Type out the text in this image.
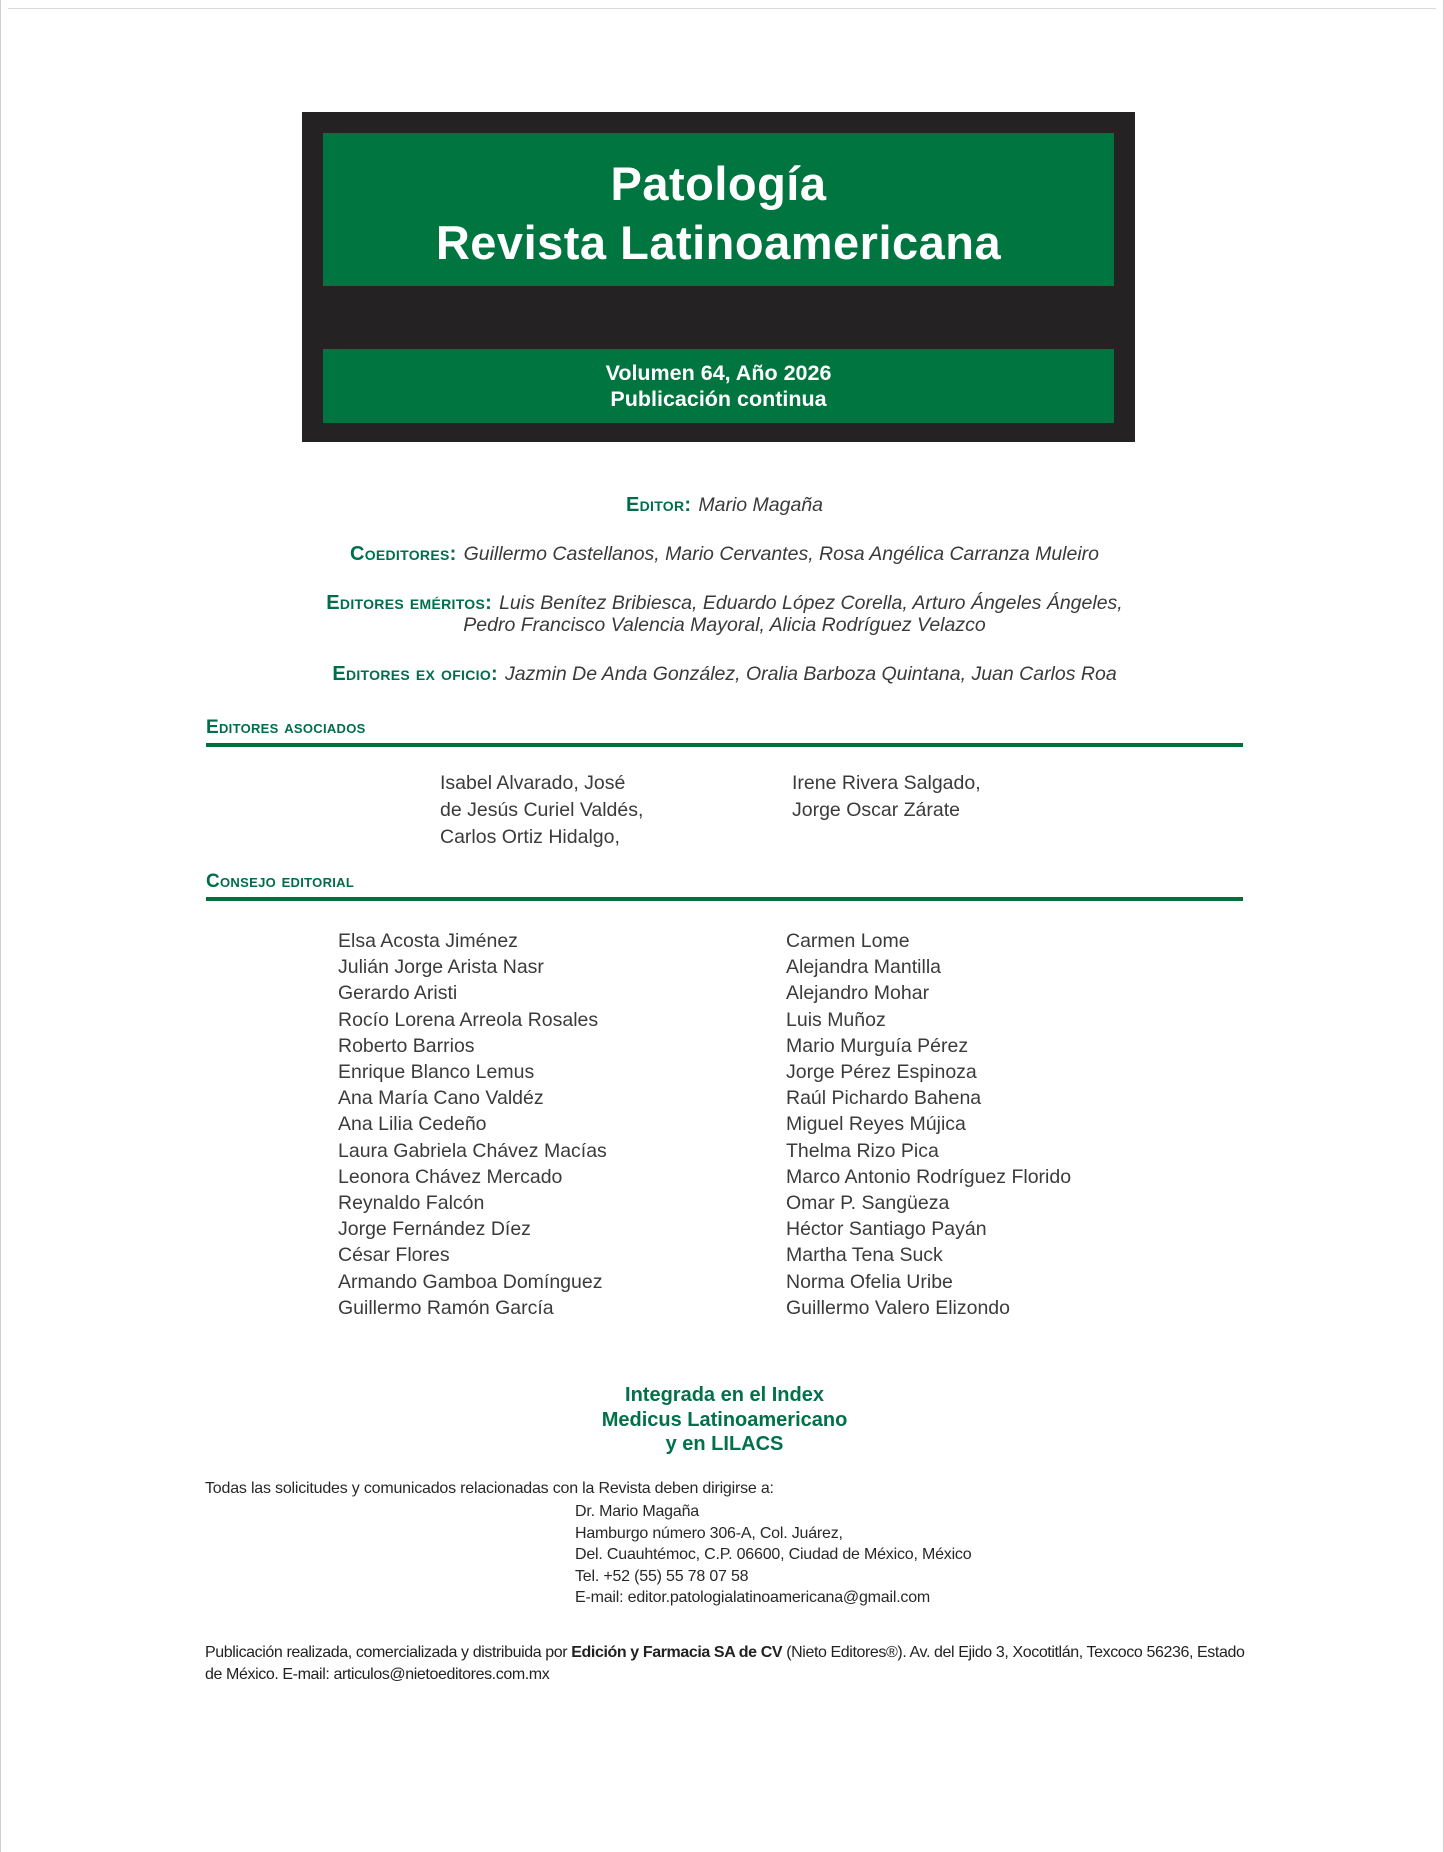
Patología
Revista Latinoamericana
Volumen 64, Año 2026
Publicación continua
Editor: Mario Magaña
Coeditores: Guillermo Castellanos, Mario Cervantes, Rosa Angélica Carranza Muleiro
Editores eméritos: Luis Benítez Bribiesca, Eduardo López Corella, Arturo Ángeles Ángeles,
Pedro Francisco Valencia Mayoral, Alicia Rodríguez Velazco
Editores ex oficio: Jazmin De Anda González, Oralia Barboza Quintana, Juan Carlos Roa
Editores asociados
Isabel Alvarado, José
de Jesús Curiel Valdés,
Carlos Ortiz Hidalgo,
Irene Rivera Salgado,
Jorge Oscar Zárate
Consejo editorial
Elsa Acosta Jiménez
Julián Jorge Arista Nasr
Gerardo Aristi
Rocío Lorena Arreola Rosales
Roberto Barrios
Enrique Blanco Lemus
Ana María Cano Valdéz
Ana Lilia Cedeño
Laura Gabriela Chávez Macías
Leonora Chávez Mercado
Reynaldo Falcón
Jorge Fernández Díez
César Flores
Armando Gamboa Domínguez
Guillermo Ramón García
Carmen Lome
Alejandra Mantilla
Alejandro Mohar
Luis Muñoz
Mario Murguía Pérez
Jorge Pérez Espinoza
Raúl Pichardo Bahena
Miguel Reyes Mújica
Thelma Rizo Pica
Marco Antonio Rodríguez Florido
Omar P. Sangüeza
Héctor Santiago Payán
Martha Tena Suck
Norma Ofelia Uribe
Guillermo Valero Elizondo
Integrada en el Index
Medicus Latinoamericano
y en LILACS
Todas las solicitudes y comunicados relacionadas con la Revista deben dirigirse a:
Dr. Mario Magaña
Hamburgo número 306-A, Col. Juárez,
Del. Cuauhtémoc, C.P. 06600, Ciudad de México, México
Tel. +52 (55) 55 78 07 58
E-mail: editor.patologialatinoamericana@gmail.com
Publicación realizada, comercializada y distribuida por Edición y Farmacia SA de CV (Nieto Editores®). Av. del Ejido 3, Xocotitlán, Texcoco 56236, Estado de México. E-mail: articulos@nietoeditores.com.mx
